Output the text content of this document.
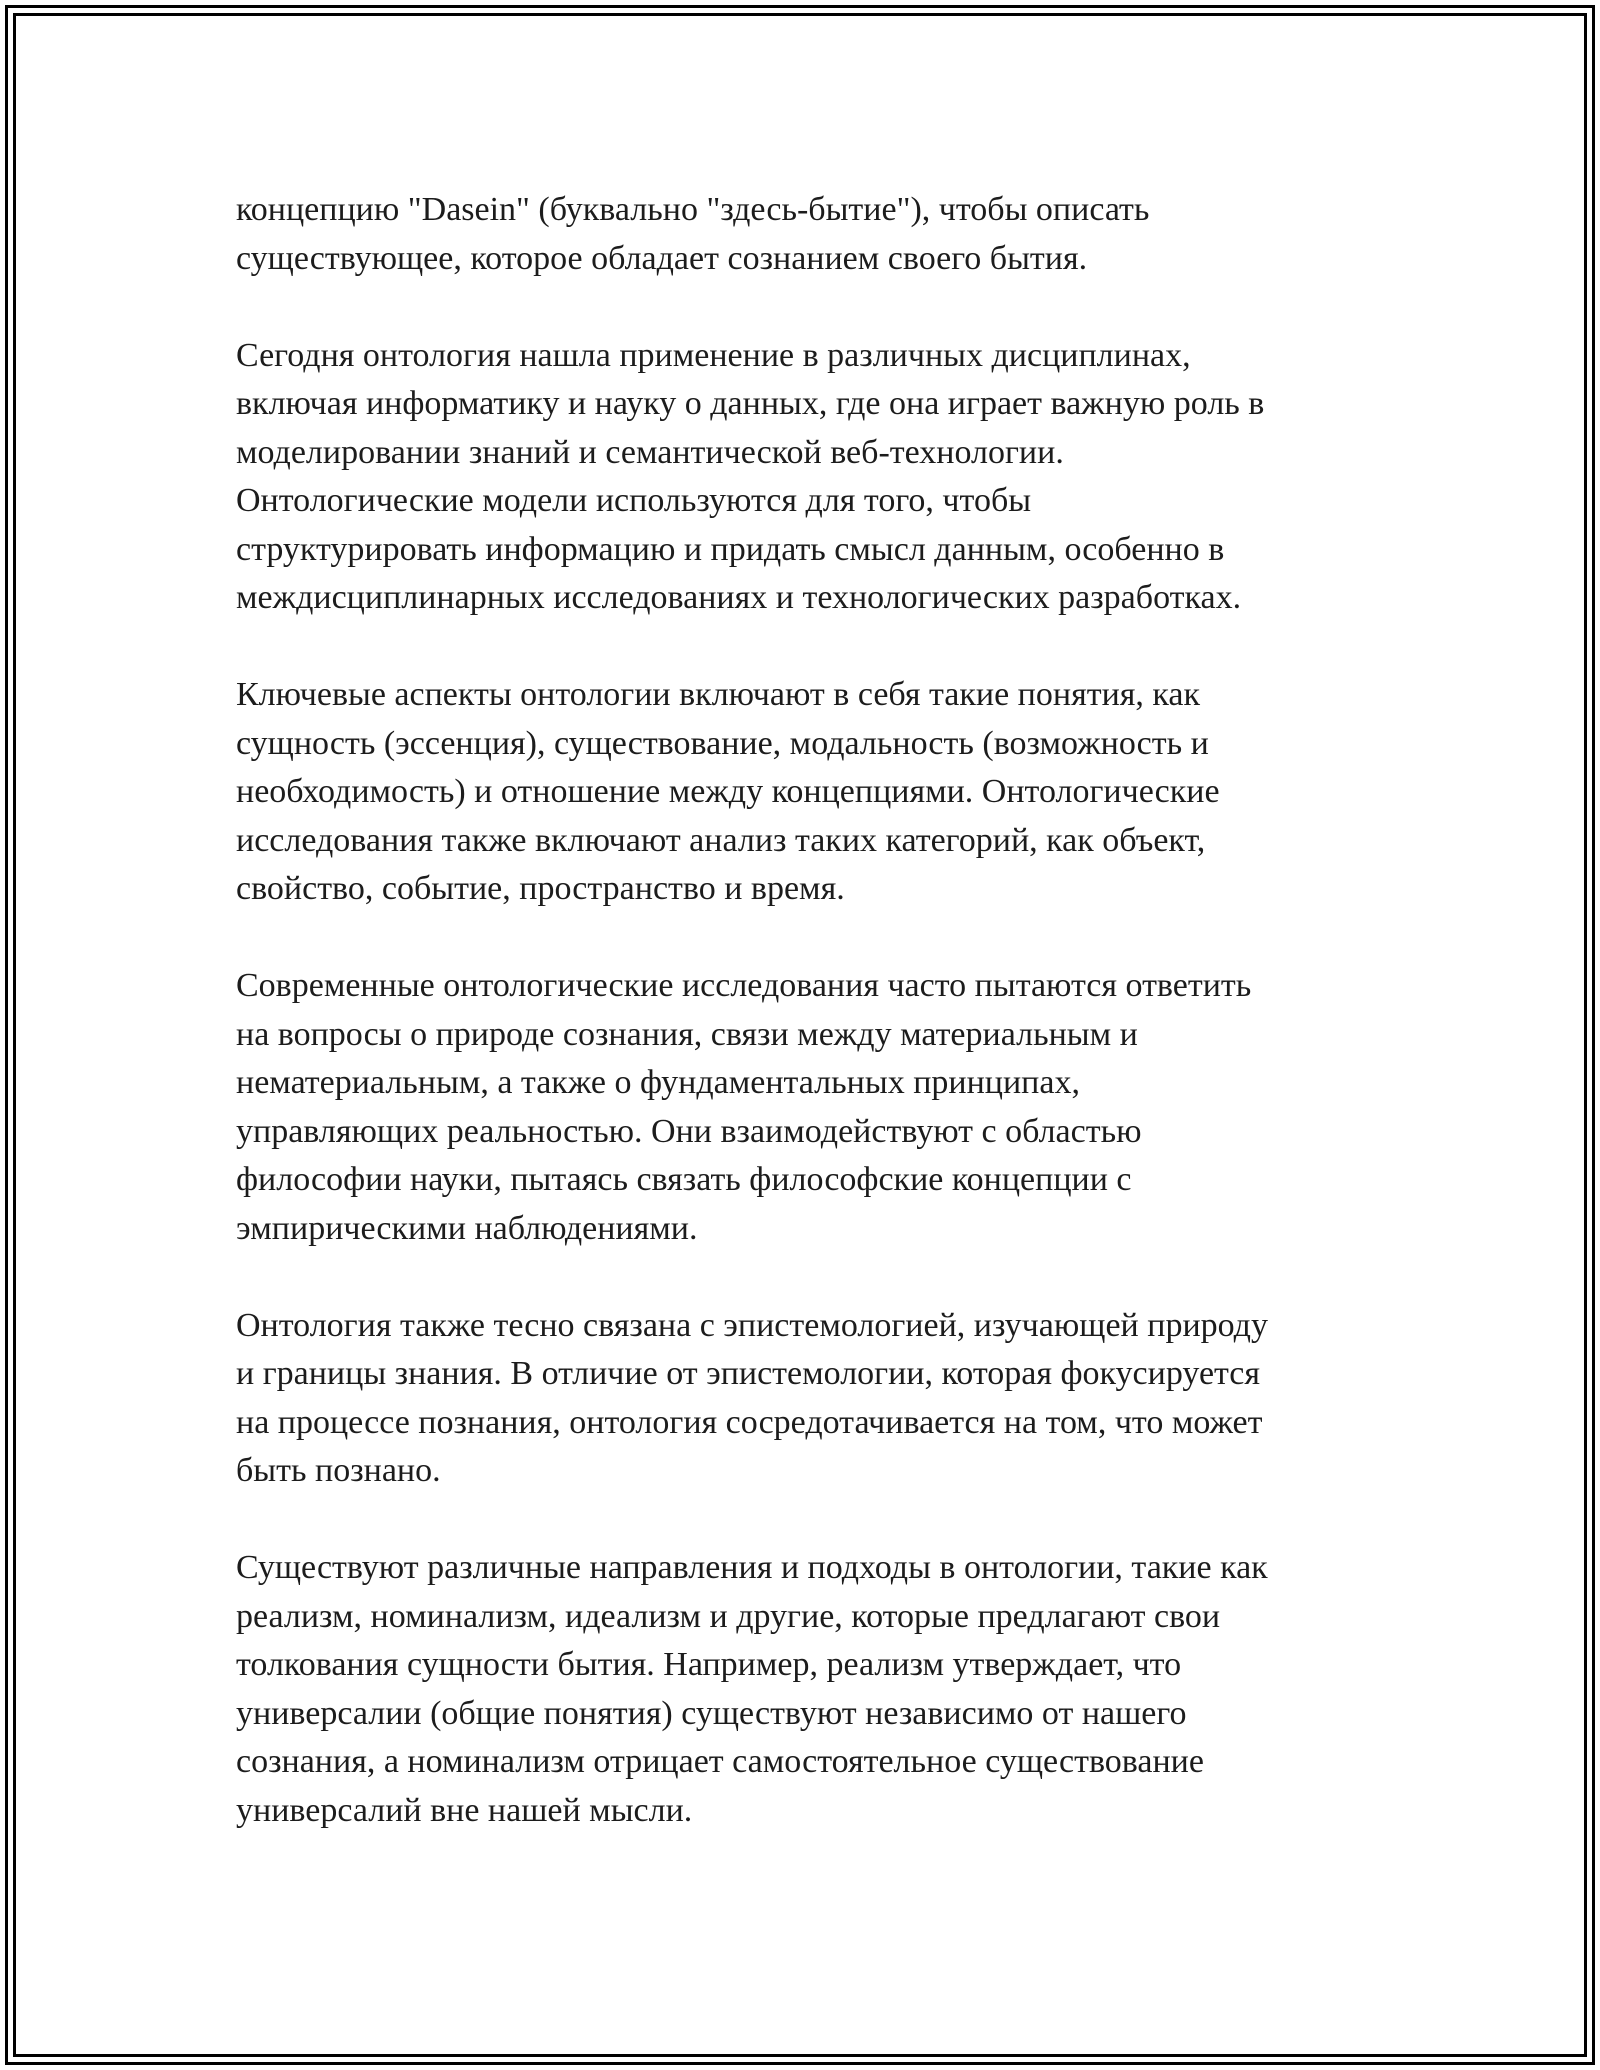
концепцию "Dasein" (буквально "здесь-бытие"), чтобы описать
существующее, которое обладает сознанием своего бытия.

Сегодня онтология нашла применение в различных дисциплинах,
включая информатику и науку о данных, где она играет важную роль в
моделировании знаний и семантической веб-технологии.
Онтологические модели используются для того, чтобы
структурировать информацию и придать смысл данным, особенно в
междисциплинарных исследованиях и технологических разработках.

Ключевые аспекты онтологии включают в себя такие понятия, как
сущность (эссенция), существование, модальность (возможность и
необходимость) и отношение между концепциями. Онтологические
исследования также включают анализ таких категорий, как объект,
свойство, событие, пространство и время.

Современные онтологические исследования часто пытаются ответить
на вопросы о природе сознания, связи между материальным и
нематериальным, а также о фундаментальных принципах,
управляющих реальностью. Они взаимодействуют с областью
философии науки, пытаясь связать философские концепции с
эмпирическими наблюдениями.

Онтология также тесно связана с эпистемологией, изучающей природу
и границы знания. В отличие от эпистемологии, которая фокусируется
на процессе познания, онтология сосредотачивается на том, что может
быть познано.

Существуют различные направления и подходы в онтологии, такие как
реализм, номинализм, идеализм и другие, которые предлагают свои
толкования сущности бытия. Например, реализм утверждает, что
универсалии (общие понятия) существуют независимо от нашего
сознания, а номинализм отрицает самостоятельное существование
универсалий вне нашей мысли.
